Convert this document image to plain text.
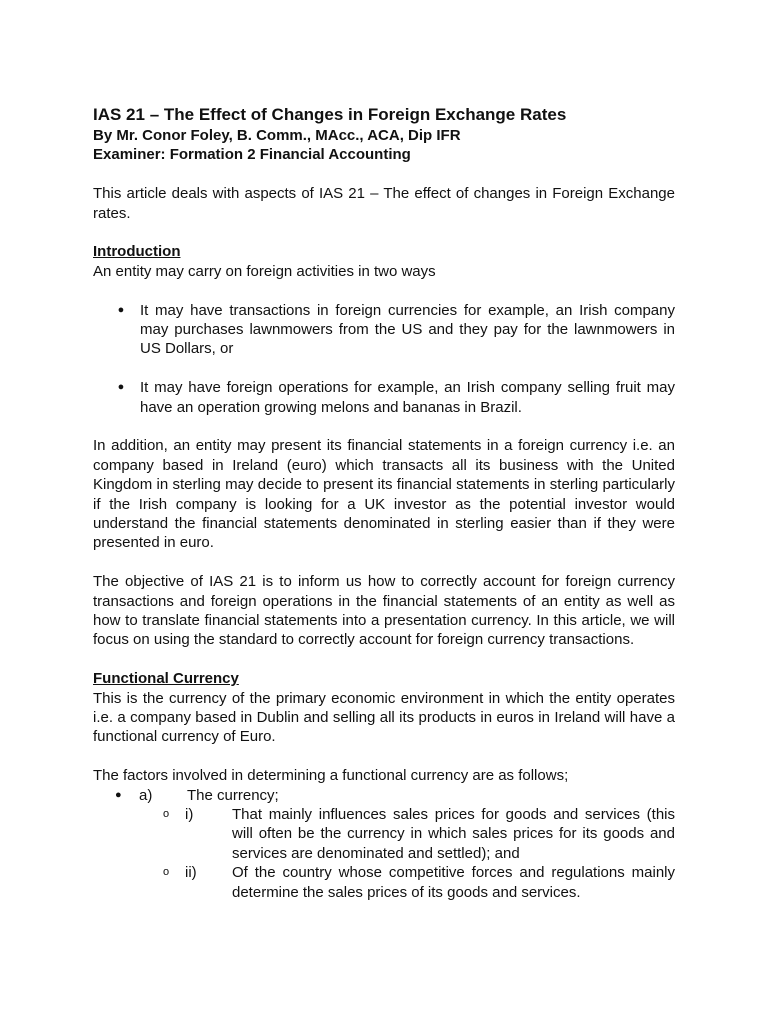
IAS 21 – The Effect of Changes in Foreign Exchange Rates

By Mr. Conor Foley, B. Comm., MAcc., ACA, Dip IFR

Examiner: Formation 2 Financial Accounting

This article deals with aspects of IAS 21 – The effect of changes in Foreign Exchange rates.

Introduction

An entity may carry on foreign activities in two ways

● It may have transactions in foreign currencies for example, an Irish company may purchases lawnmowers from the US and they pay for the lawnmowers in US Dollars, or
● It may have foreign operations for example, an Irish company selling fruit may have an operation growing melons and bananas in Brazil.

In addition, an entity may present its financial statements in a foreign currency i.e. an company based in Ireland (euro) which transacts all its business with the United Kingdom in sterling may decide to present its financial statements in sterling particularly if the Irish company is looking for a UK investor as the potential investor would understand the financial statements denominated in sterling easier than if they were presented in euro.

The objective of IAS 21 is to inform us how to correctly account for foreign currency transactions and foreign operations in the financial statements of an entity as well as how to translate financial statements into a presentation currency. In this article, we will focus on using the standard to correctly account for foreign currency transactions.

Functional Currency

This is the currency of the primary economic environment in which the entity operates i.e. a company based in Dublin and selling all its products in euros in Ireland will have a functional currency of Euro.

The factors involved in determining a functional currency are as follows;

● a) The currency;
o i)	That mainly influences sales prices for goods and services (this will often be the currency in which sales prices for its goods and services are denominated and settled); and
o ii) Of the country whose competitive forces and regulations mainly determine the sales prices of its goods and services.
